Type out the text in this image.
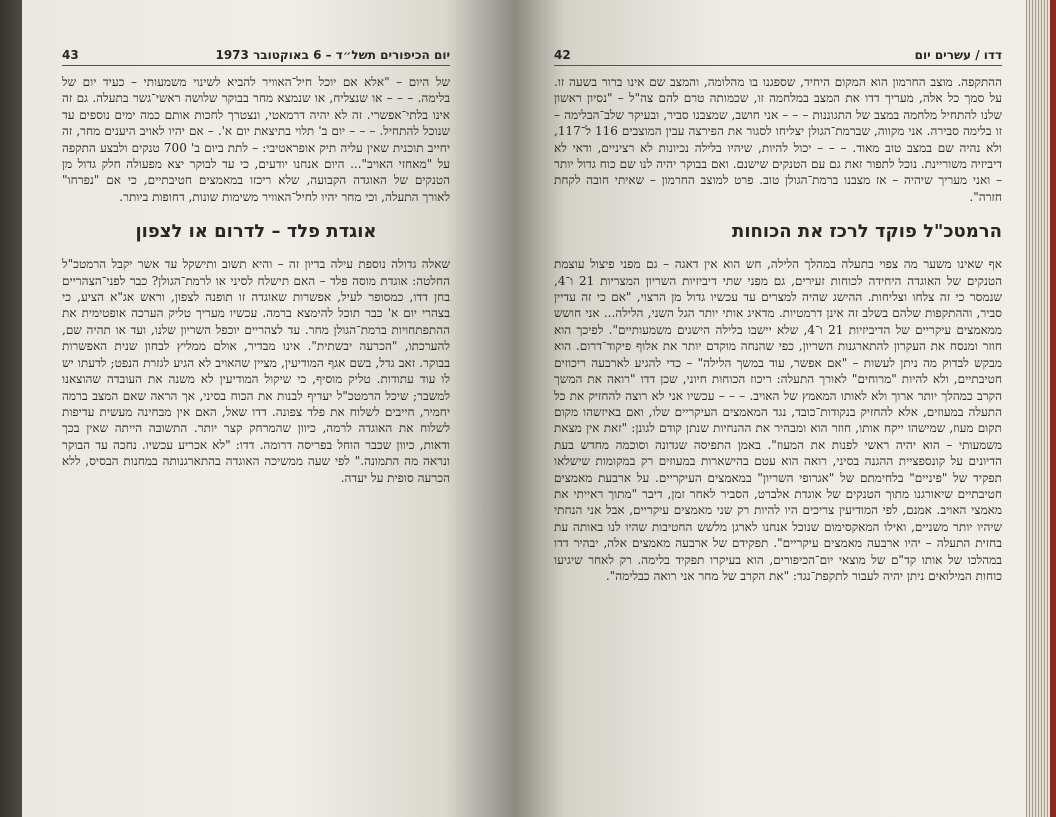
יום הכיפורים תשל״ד – 6 באוקטובר 1973
43

של היום – "אלא אם יוכל חיל־האוויר להביא לשינוי משמעותי – כעיד יום של בלימה. – – – או שנצליח, או שנמצא מחר בבוקר שלושה ראשי־גשר בתעלה. גם זה אינו בלתי־אפשרי. זה לא יהיה דרמאטי, ונצטרך לחכות אותם כמה ימים נוספים עד שנוכל להתחיל. – – – יום ב' תלוי בתיצאת יום א'. – אם יהיו לאויב היענים מחר, זה יחייב תוכנית שאין עליה תיק אופראטיבי: – לתת ביום ב' 700 טנקים ולבצע התקפה על "מאחזי האויב"... היום אנחנו יודעים, כי עד לבוקר יצא מפעולה חלק גדול מן הטנקים של האוגדה הקבועה, שלא ריכזו במאמצים חטיבתיים, כי אם "נפרחו" לאורך התעלה, וכי מחר יהיו לחיל־האוויר משימות שונות, דחופות ביותר.

אוגדת פלד – לדרום או לצפון

שאלה גדולה נוספת עילה בדיון זה – והיא תשוב ותישקל עד אשר יקבל הרמטכ"ל החלטה: אוגדת מוסה פלד – האם תישלח לסיני או לרמת־הגולן? כבר לפני־הצהריים בחן דדו, כמסופר לעיל, אפשרות שאוגדה זו תופנה לצפון, וראש אג"א הציע, כי בצהרי יום א' כבר תוכל להימצא ברמה. עכשיו מעריך טליק הערכה אופטימית את ההתפתחויות ברמת־הגולן מחר. עד לצהריים יוכפל השריון שלנו, ועד או תהיה שם, להערכתו, "הכרעה יבשתית". אינו מבדיר, אולם ממליץ לבחון שנית האפשרות בבוקר. זאב גדל, בשם אגף המודיעין, מציין שהאויב לא הגיע לגזרת הנפט; לדעתו יש לו עוד עתודות. טליק מוסיף, כי שיקול המודיעין לא משנה את העובדה שהוצאנו למשבר; שיכל הרמטכ"ל יעדיף לבנות את הכוח בסיני, אך הראה שאם המצב ברמה יחמיר, חייבים לשלוח את פלד צפונה. דדו שאל, האם אין מבחינה מעשית עדיפות לשלוח את האוגדה לרמה, כיוון שהמרחק קצר יותר. התשובה הייתה שאין בכך ודאות, כיוון שכבר הוחל בפריסה דרומה. דדו: "לא אכריע עכשיו. נחכה עד הבוקר ונראה מה התמונה." לפי שעה ממשיכה האוגדה בהתארגנותה במחנות הבסיס, ללא הכרעה סופית על יעדה.

דדו / עשרים יום
42

ההתקפה. מוצב החרמון הוא המקום היחיד, שספגנו בו מהלומה, והמצב שם אינו ברור בשעה זו. על סמך כל אלה, מעריך דדו את המצב במלחמה זו, שכמותה טרם להם צה"ל – "נסיון ראשון שלנו להתחיל מלחמה במצב של התגוננות – – – אני חושב, שמצבנו סביר, ובעיקר שלב־הבלימה – זו בלימה סבירה. אני מקווה, שברמת־הגולן יצליחו לסגור את הפירצה עבין המוצבים 116 ל־117, ולא נהיה שם במצב טוב מאוד. – – – יכול להיות, שיהיו בלילה נכיונות לא רציניים, ודאי לא דיביזיה משוריינת. נוכל לתפור זאת גם עם הטנקים שישנם. ואם בבוקר יהיה לנו שם כוח גדול יותר – ואני מעריך שיהיה – אז מצבנו ברמת־הגולן טוב. פרט למוצב החרמון – שאיתי חובה לקחת חזרה".

הרמטכ"ל פוקד לרכז את הכוחות

אף שאינו משער מה צפוי בתעלה במהלך הלילה, חש הוא אין דאגה – גם מפני פיצול עוצמת הטנקים של האוגדה היחידה לכוחות זעירים, גם מפני שתי דיביזיות השריון המצריות 21 ו־4, שנמסר כי זה צלחו וצליחות. ההישג שהיה למצרים עד עכשיו גדול מן הרצוי, "אם כי זה עדיין סביר, וההתקפות שלהם בשלב זה אינן דרמטיות. מדאיג אותי יותר הגל השני, הלילה... אני חושש ממאמצים עיקריים של הדיביזיות 21 ו־4, שלא יישבו בלילה הישגים משמעותיים". לפיכך הוא חוזר ומנסח את העקרון להתארגנות השריון, כפי שהנחה מוקדם יותר את אלוף פיקוד־דרום. הוא מבקש לבדוק מה ניתן לעשות – "אם אפשר, עוד במשך הלילה" – כדי להגיע לארבעה ריכוזים חטיבתיים, ולא להיות "מרוחים" לאורך התעלה: ריכוז הכוחות חיוני, שכן דדו "רואה את המשך הקרב כמהלך יותר ארוך ולא לאותו המאמץ של האויב. – – – עכשיו אני לא רוצה להחזיק את כל התעלה במעוזים, אלא להחזיק בנקודות־כובד, נגד המאמצים העיקריים שלו, ואם באיזשהו מקום תקום מעוז, שמישהו ייקח אותו, חוזר הוא ומבהיר את ההנחיות שנתן קודם לגונן: "זאת אין מצאת משמעותי – הוא יהיה ראשי לפנות את המעוז". באמן התפיסה שגדונה וסוכמה מחדש בעת הדיונים על קונספציית ההגנה בסיני, רואה הוא עטם בהישארות במעוזים רק במקומות שישלאו תפקיד של "פיניים" בלחימתם של "אגרופי השריון" במאמצים העיקריים. על ארבעת מאמצים חטיבתיים שיאורגנו מתוך הטנקים של אוגדת אלברט, הסביר לאחר זמן, דיבר "מתוך ראייתי את מאמצי האויב. אמנם, לפי המודיעין צריכים היו להיות רק שני מאמצים עיקריים, אבל אני הנחתי שיהיו יותר משניים, ואילו המאקסימום שנוכל אנחנו לארגן מלשש החטיבות שהיו לנו באותה עת בחזית התעלה – יהיו ארבעה מאמצים עיקריים". תפקידם של ארבעה מאמצים אלה, יבהיר דדו במהלכו של אותו קד"ם של מוצאי יום־הכיפורים, הוא בעיקרו תפקיד בלימה. רק לאחר שיגיעו כוחות המילואים ניתן יהיה לעבור לתקפת־נגד: "את הקרב של מחר אני רואה כבלימה".
